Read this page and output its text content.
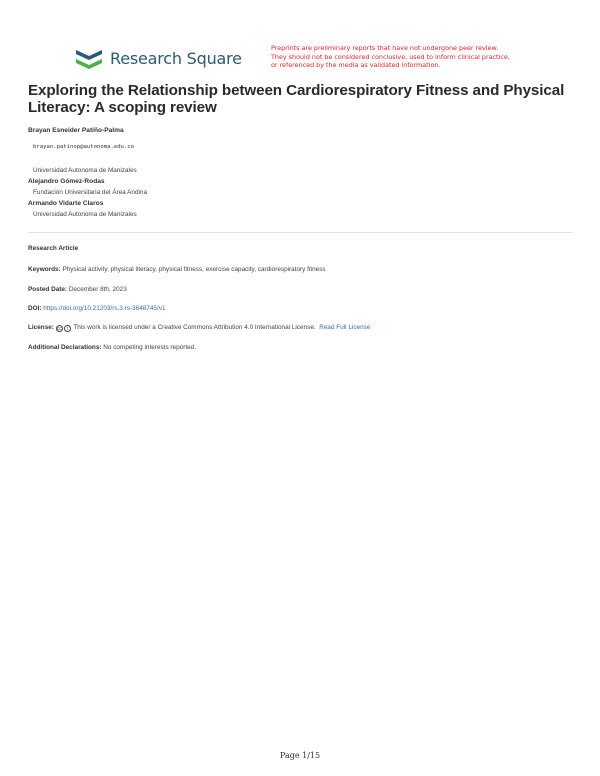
Research Square
Preprints are preliminary reports that have not undergone peer review.
They should not be considered conclusive, used to inform clinical practice,
or referenced by the media as validated information.
Exploring the Relationship between Cardiorespiratory Fitness and Physical Literacy: A scoping review
Brayan Esneider Patiño-Palma
brayan.patinop@autonoma.edu.co
Universidad Autonoma de Manizales
Alejandro Gómez-Rodas
Fundación Universitaria del Área Andina
Armando Vidarte Claros
Universidad Autonoma de Manizales
Research Article
Keywords: Physical activity, physical literacy, physical fitness, exercise capacity, cardiorespiratory fitness
Posted Date: December 8th, 2023
DOI: https://doi.org/10.21203/rs.3.rs-3648745/v1
License: cc i This work is licensed under a Creative Commons Attribution 4.0 International License. Read Full License
Additional Declarations: No competing interests reported.
Page 1/15
